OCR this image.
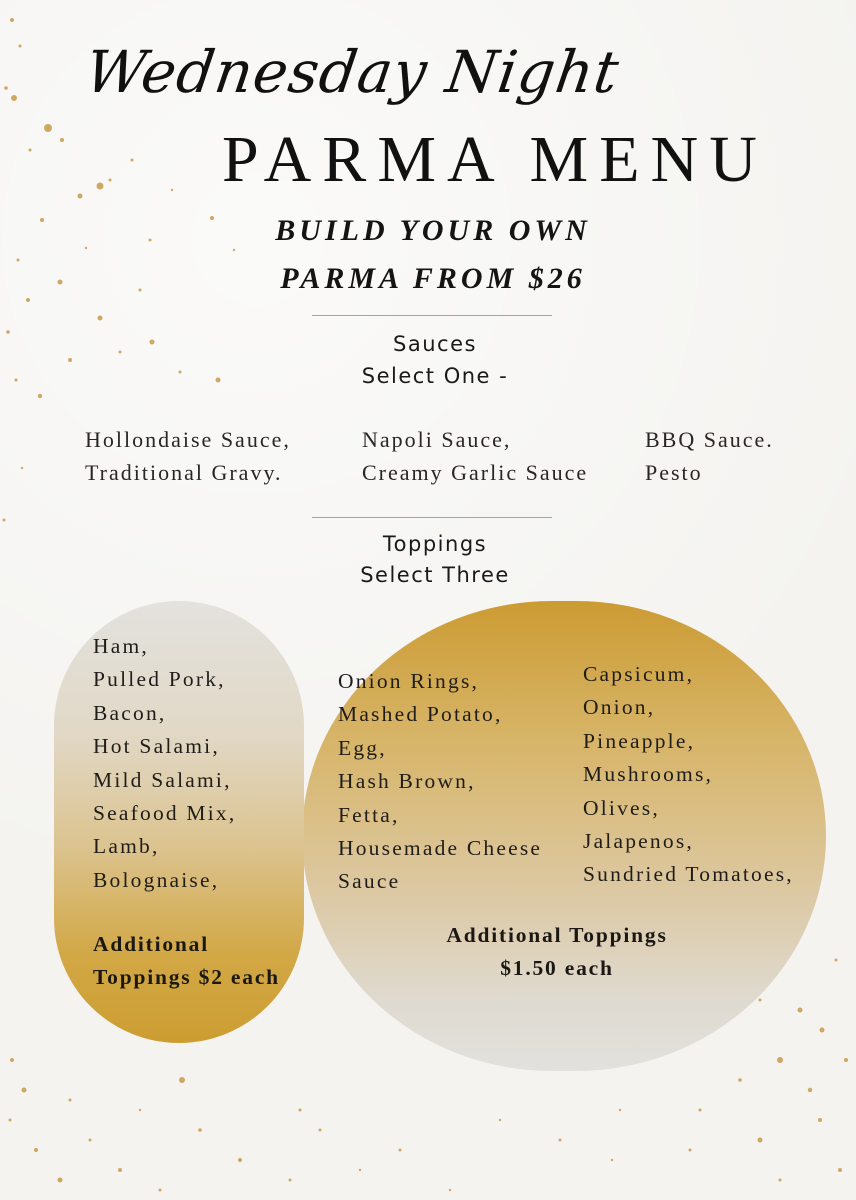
Wednesday Night
PARMA MENU
BUILD YOUR OWN
PARMA FROM $26
Sauces
Select One -
Hollondaise Sauce,
Traditional Gravy.
Napoli Sauce,
Creamy Garlic Sauce
BBQ Sauce.
Pesto
Toppings
Select Three
Ham,
Pulled Pork,
Bacon,
Hot Salami,
Mild Salami,
Seafood Mix,
Lamb,
Bolognaise,
Additional
Toppings $2 each
Onion Rings,
Mashed Potato,
Egg,
Hash Brown,
Fetta,
Housemade Cheese
Sauce
Capsicum,
Onion,
Pineapple,
Mushrooms,
Olives,
Jalapenos,
Sundried Tomatoes,
Additional Toppings
$1.50 each
